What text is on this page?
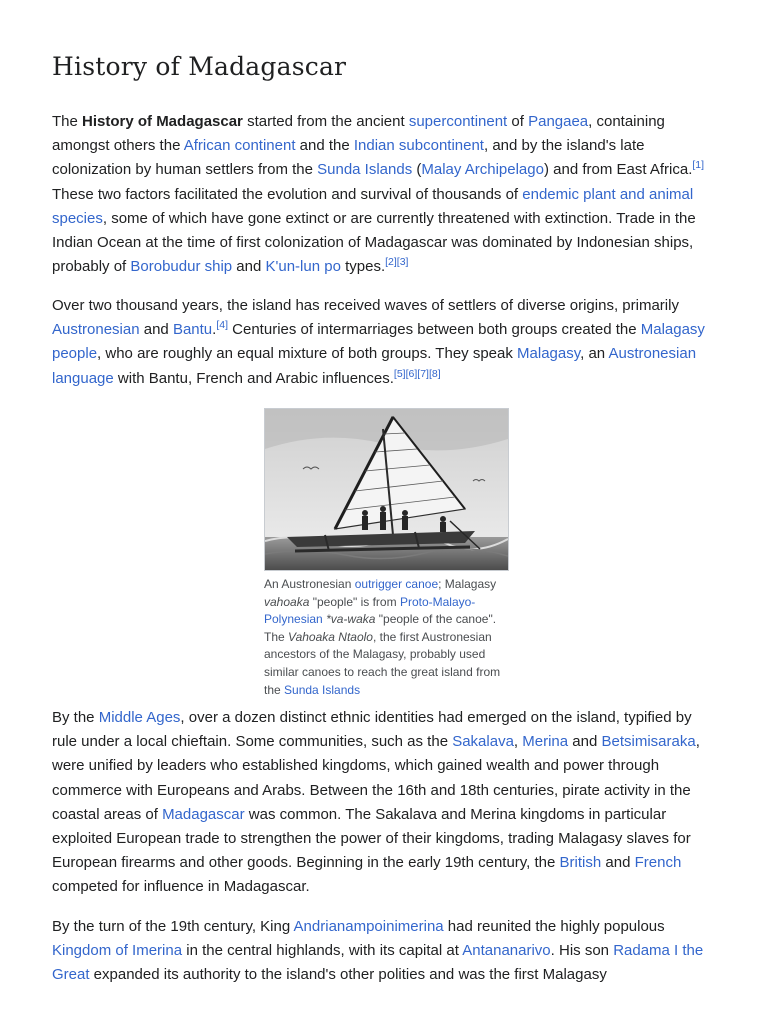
History of Madagascar

The History of Madagascar started from the ancient supercontinent of Pangaea, containing amongst others the African continent and the Indian subcontinent, and by the island's late colonization by human settlers from the Sunda Islands (Malay Archipelago) and from East Africa.[1] These two factors facilitated the evolution and survival of thousands of endemic plant and animal species, some of which have gone extinct or are currently threatened with extinction. Trade in the Indian Ocean at the time of first colonization of Madagascar was dominated by Indonesian ships, probably of Borobudur ship and K'un-lun po types.[2][3]

Over two thousand years, the island has received waves of settlers of diverse origins, primarily Austronesian and Bantu.[4] Centuries of intermarriages between both groups created the Malagasy people, who are roughly an equal mixture of both groups. They speak Malagasy, an Austronesian language with Bantu, French and Arabic influences.[5][6][7][8]

An Austronesian outrigger canoe; Malagasy vahoaka "people" is from Proto-Malayo-Polynesian *va-waka "people of the canoe". The Vahoaka Ntaolo, the first Austronesian ancestors of the Malagasy, probably used similar canoes to reach the great island from the Sunda Islands

By the Middle Ages, over a dozen distinct ethnic identities had emerged on the island, typified by rule under a local chieftain. Some communities, such as the Sakalava, Merina and Betsimisaraka, were unified by leaders who established kingdoms, which gained wealth and power through commerce with Europeans and Arabs. Between the 16th and 18th centuries, pirate activity in the coastal areas of Madagascar was common. The Sakalava and Merina kingdoms in particular exploited European trade to strengthen the power of their kingdoms, trading Malagasy slaves for European firearms and other goods. Beginning in the early 19th century, the British and French competed for influence in Madagascar.

By the turn of the 19th century, King Andrianampoinimerina had reunited the highly populous Kingdom of Imerina in the central highlands, with its capital at Antananarivo. His son Radama I the Great expanded its authority to the island's other polities and was the first Malagasy
